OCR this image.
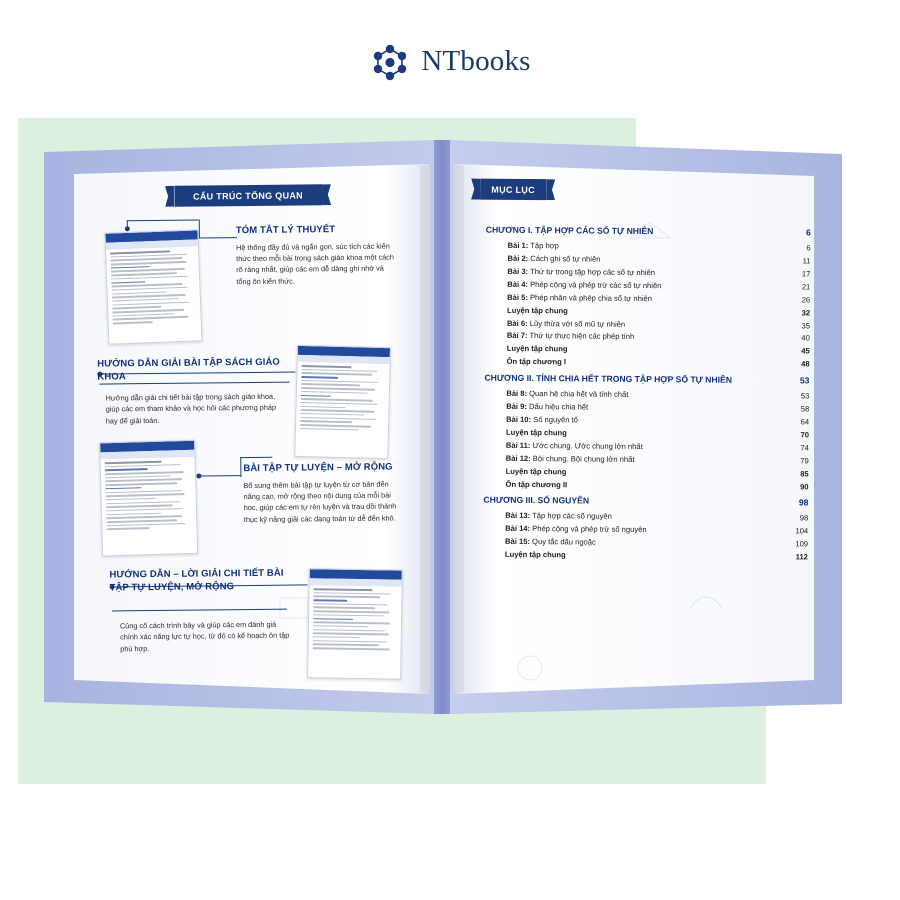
NTbooks
CẤU TRÚC TỔNG QUAN
TÓM TẮT LÝ THUYẾT
Hệ thống đầy đủ và ngắn gọn, súc tích các kiến thức theo mỗi bài trong sách giáo khoa một cách rõ ràng nhất, giúp các em dễ dàng ghi nhớ và tổng ôn kiến thức.
HƯỚNG DẪN GIẢI BÀI TẬP SÁCH GIÁO KHOA
Hướng dẫn giải chi tiết bài tập trong sách giáo khoa, giúp các em tham khảo và học hỏi các phương pháp hay để giải toán.
BÀI TẬP TỰ LUYỆN – MỞ RỘNG
Bổ sung thêm bài tập tự luyện từ cơ bản đến nâng cao, mở rộng theo nội dung của mỗi bài học, giúp các em tự rèn luyện và trau dồi thành thục kỹ năng giải các dạng toán từ dễ đến khó.
HƯỚNG DẪN – LỜI GIẢI CHI TIẾT BÀI TẬP TỰ LUYỆN, MỞ RỘNG
Củng cố cách trình bày và giúp các em đánh giá chính xác năng lực tự học, từ đó có kế hoạch ôn tập phù hợp.
MỤC LỤC
CHƯƠNG I. TẬP HỢP CÁC SỐ TỰ NHIÊN	6
Bài 1: Tập hợp	6
Bài 2: Cách ghi số tự nhiên	11
Bài 3: Thứ tự trong tập hợp các số tự nhiên	17
Bài 4: Phép cộng và phép trừ các số tự nhiên	21
Bài 5: Phép nhân và phép chia số tự nhiên	26
Luyện tập chung	32
Bài 6: Lũy thừa với số mũ tự nhiên	35
Bài 7: Thứ tự thực hiện các phép tính	40
Luyện tập chung	45
Ôn tập chương I	48
CHƯƠNG II. TÍNH CHIA HẾT TRONG TẬP HỢP SỐ TỰ NHIÊN	53
Bài 8: Quan hệ chia hết và tính chất	53
Bài 9: Dấu hiệu chia hết	58
Bài 10: Số nguyên tố	64
Luyện tập chung	70
Bài 11: Ước chung. Ước chung lớn nhất	74
Bài 12: Bội chung. Bội chung lớn nhất	79
Luyện tập chung	85
Ôn tập chương II	90
CHƯƠNG III. SỐ NGUYÊN	98
Bài 13: Tập hợp các số nguyên	98
Bài 14: Phép cộng và phép trừ số nguyên	104
Bài 15: Quy tắc dấu ngoặc	109
Luyện tập chung	112
